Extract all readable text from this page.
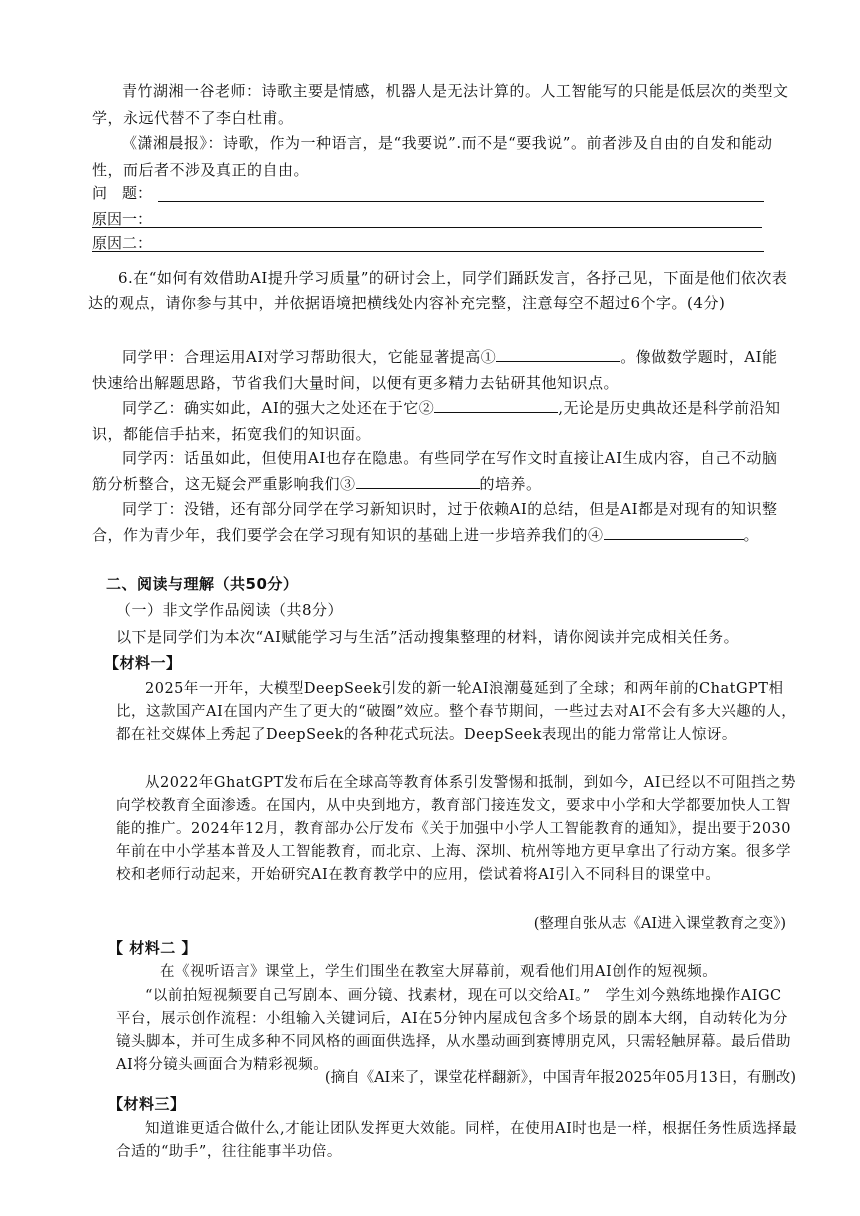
青竹湖湘一谷老师：诗歌主要是情感，机器人是无法计算的。人工智能写的只能是低层次的类型文学，永远代替不了李白杜甫。
《潇湘晨报》：诗歌，作为一种语言，是“我要说”.而不是“要我说”。前者涉及自由的自发和能动性，而后者不涉及真正的自由。
问　题：
原因一：
原因二：
6.在“如何有效借助AI提升学习质量”的研讨会上，同学们踊跃发言，各抒己见，下面是他们依次表达的观点，请你参与其中，并依据语境把横线处内容补充完整，注意每空不超过6个字。(4分)
同学甲：合理运用AI对学习帮助很大，它能显著提高①	。像做数学题时，AI能快速给出解题思路，节省我们大量时间，以便有更多精力去钻研其他知识点。
同学乙：确实如此，AI的强大之处还在于它②	,无论是历史典故还是科学前沿知识，都能信手拈来，拓宽我们的知识面。
同学丙：话虽如此，但使用AI也存在隐患。有些同学在写作文时直接让AI生成内容，自己不动脑筋分析整合，这无疑会严重影响我们③	的培养。
同学丁：没错，还有部分同学在学习新知识时，过于依赖AI的总结，但是AI都是对现有的知识整合，作为青少年，我们要学会在学习现有知识的基础上进一步培养我们的④	。
二、阅读与理解（共50分）
（一）非文学作品阅读（共8分）
以下是同学们为本次“AI赋能学习与生活”活动搜集整理的材料，请你阅读并完成相关任务。
【材料一】
2025年一开年，大模型DeepSeek引发的新一轮AI浪潮蔓延到了全球；和两年前的ChatGPT相比，这款国产AI在国内产生了更大的“破圈”效应。整个春节期间，一些过去对AI不会有多大兴趣的人，都在社交媒体上秀起了DeepSeek的各种花式玩法。DeepSeek表现出的能力常常让人惊讶。
从2022年GhatGPT发布后在全球高等教育体系引发警惕和抵制，到如今，AI已经以不可阻挡之势向学校教育全面渗透。在国内，从中央到地方，教育部门接连发文，要求中小学和大学都要加快人工智能的推广。2024年12月，教育部办公厅发布《关于加强中小学人工智能教育的通知》，提出要于2030年前在中小学基本普及人工智能教育，而北京、上海、深圳、杭州等地方更早拿出了行动方案。很多学校和老师行动起来，开始研究AI在教育教学中的应用，偿试着将AI引入不同科目的课堂中。
(整理自张从志《AI进入课堂教育之变》)
【 材料二 】
在《视听语言》课堂上，学生们围坐在教室大屏幕前，观看他们用AI创作的短视频。
“以前拍短视频要自己写剧本、画分镜、找素材，现在可以交给AI。”　学生刘今熟练地操作AIGC 平台，展示创作流程：小组输入关键词后，AI在5分钟内屋成包含多个场景的剧本大纲，自动转化为分 镜头脚本，并可生成多种不同风格的画面供选择，从水墨动画到赛博朋克风，只需轻触屏幕。最后借助 AI将分镜头画面合为精彩视频。
(摘自《AI来了，课堂花样翻新》，中国青年报2025年05月13日，有删改)
【材料三】
知道谁更适合做什么,才能让团队发挥更大效能。同样，在使用AI时也是一样，根据任务性质选择最合适的“助手”，往往能事半功倍。
